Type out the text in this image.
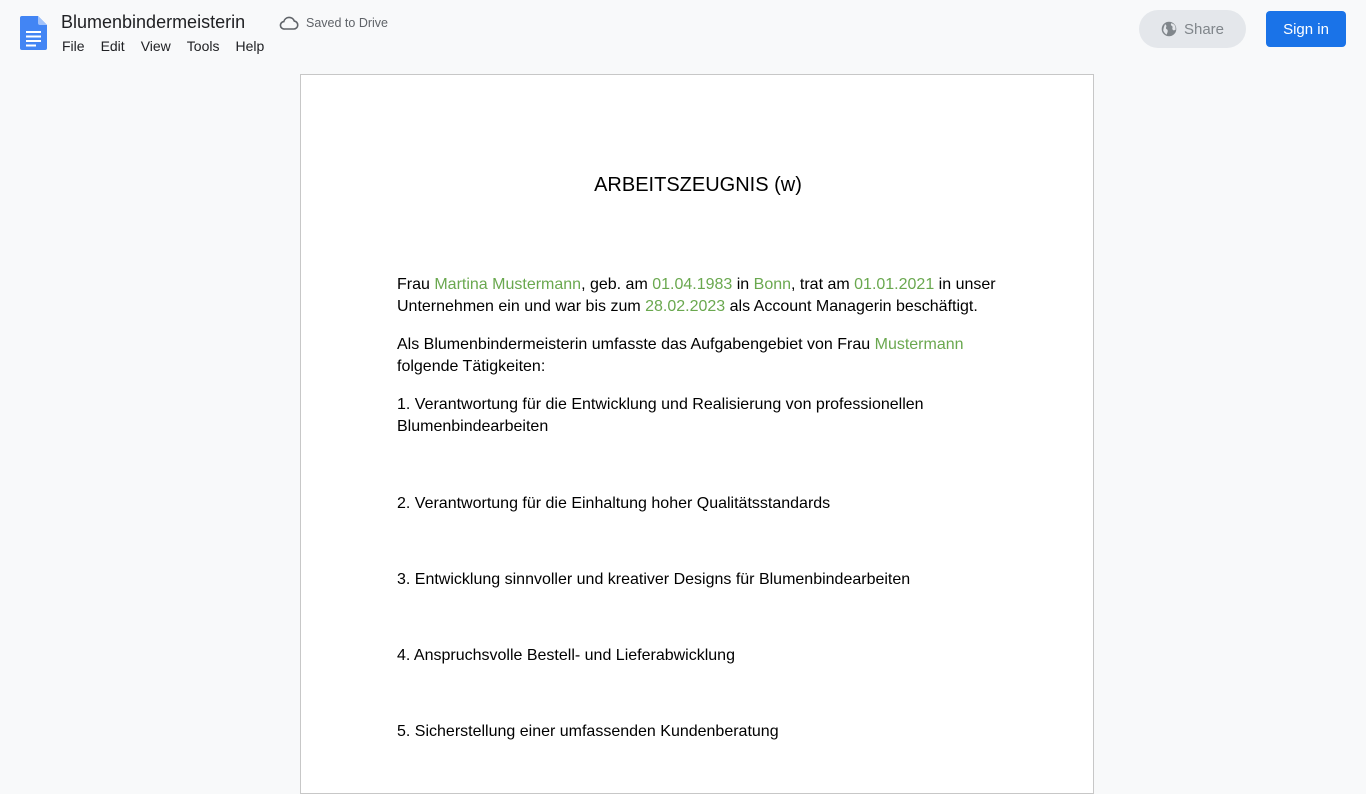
Blumenbindermeisterin	Saved to Drive
File	Edit	View	Tools	Help
Share	Sign in
ARBEITSZEUGNIS (w)

Frau Martina Mustermann, geb. am 01.04.1983 in Bonn, trat am 01.01.2021 in unser Unternehmen ein und war bis zum 28.02.2023 als Account Managerin beschäftigt.

Als Blumenbindermeisterin umfasste das Aufgabengebiet von Frau Mustermann folgende Tätigkeiten:

1. Verantwortung für die Entwicklung und Realisierung von professionellen Blumenbindearbeiten

2. Verantwortung für die Einhaltung hoher Qualitätsstandards

3. Entwicklung sinnvoller und kreativer Designs für Blumenbindearbeiten

4. Anspruchsvolle Bestell- und Lieferabwicklung

5. Sicherstellung einer umfassenden Kundenberatung
